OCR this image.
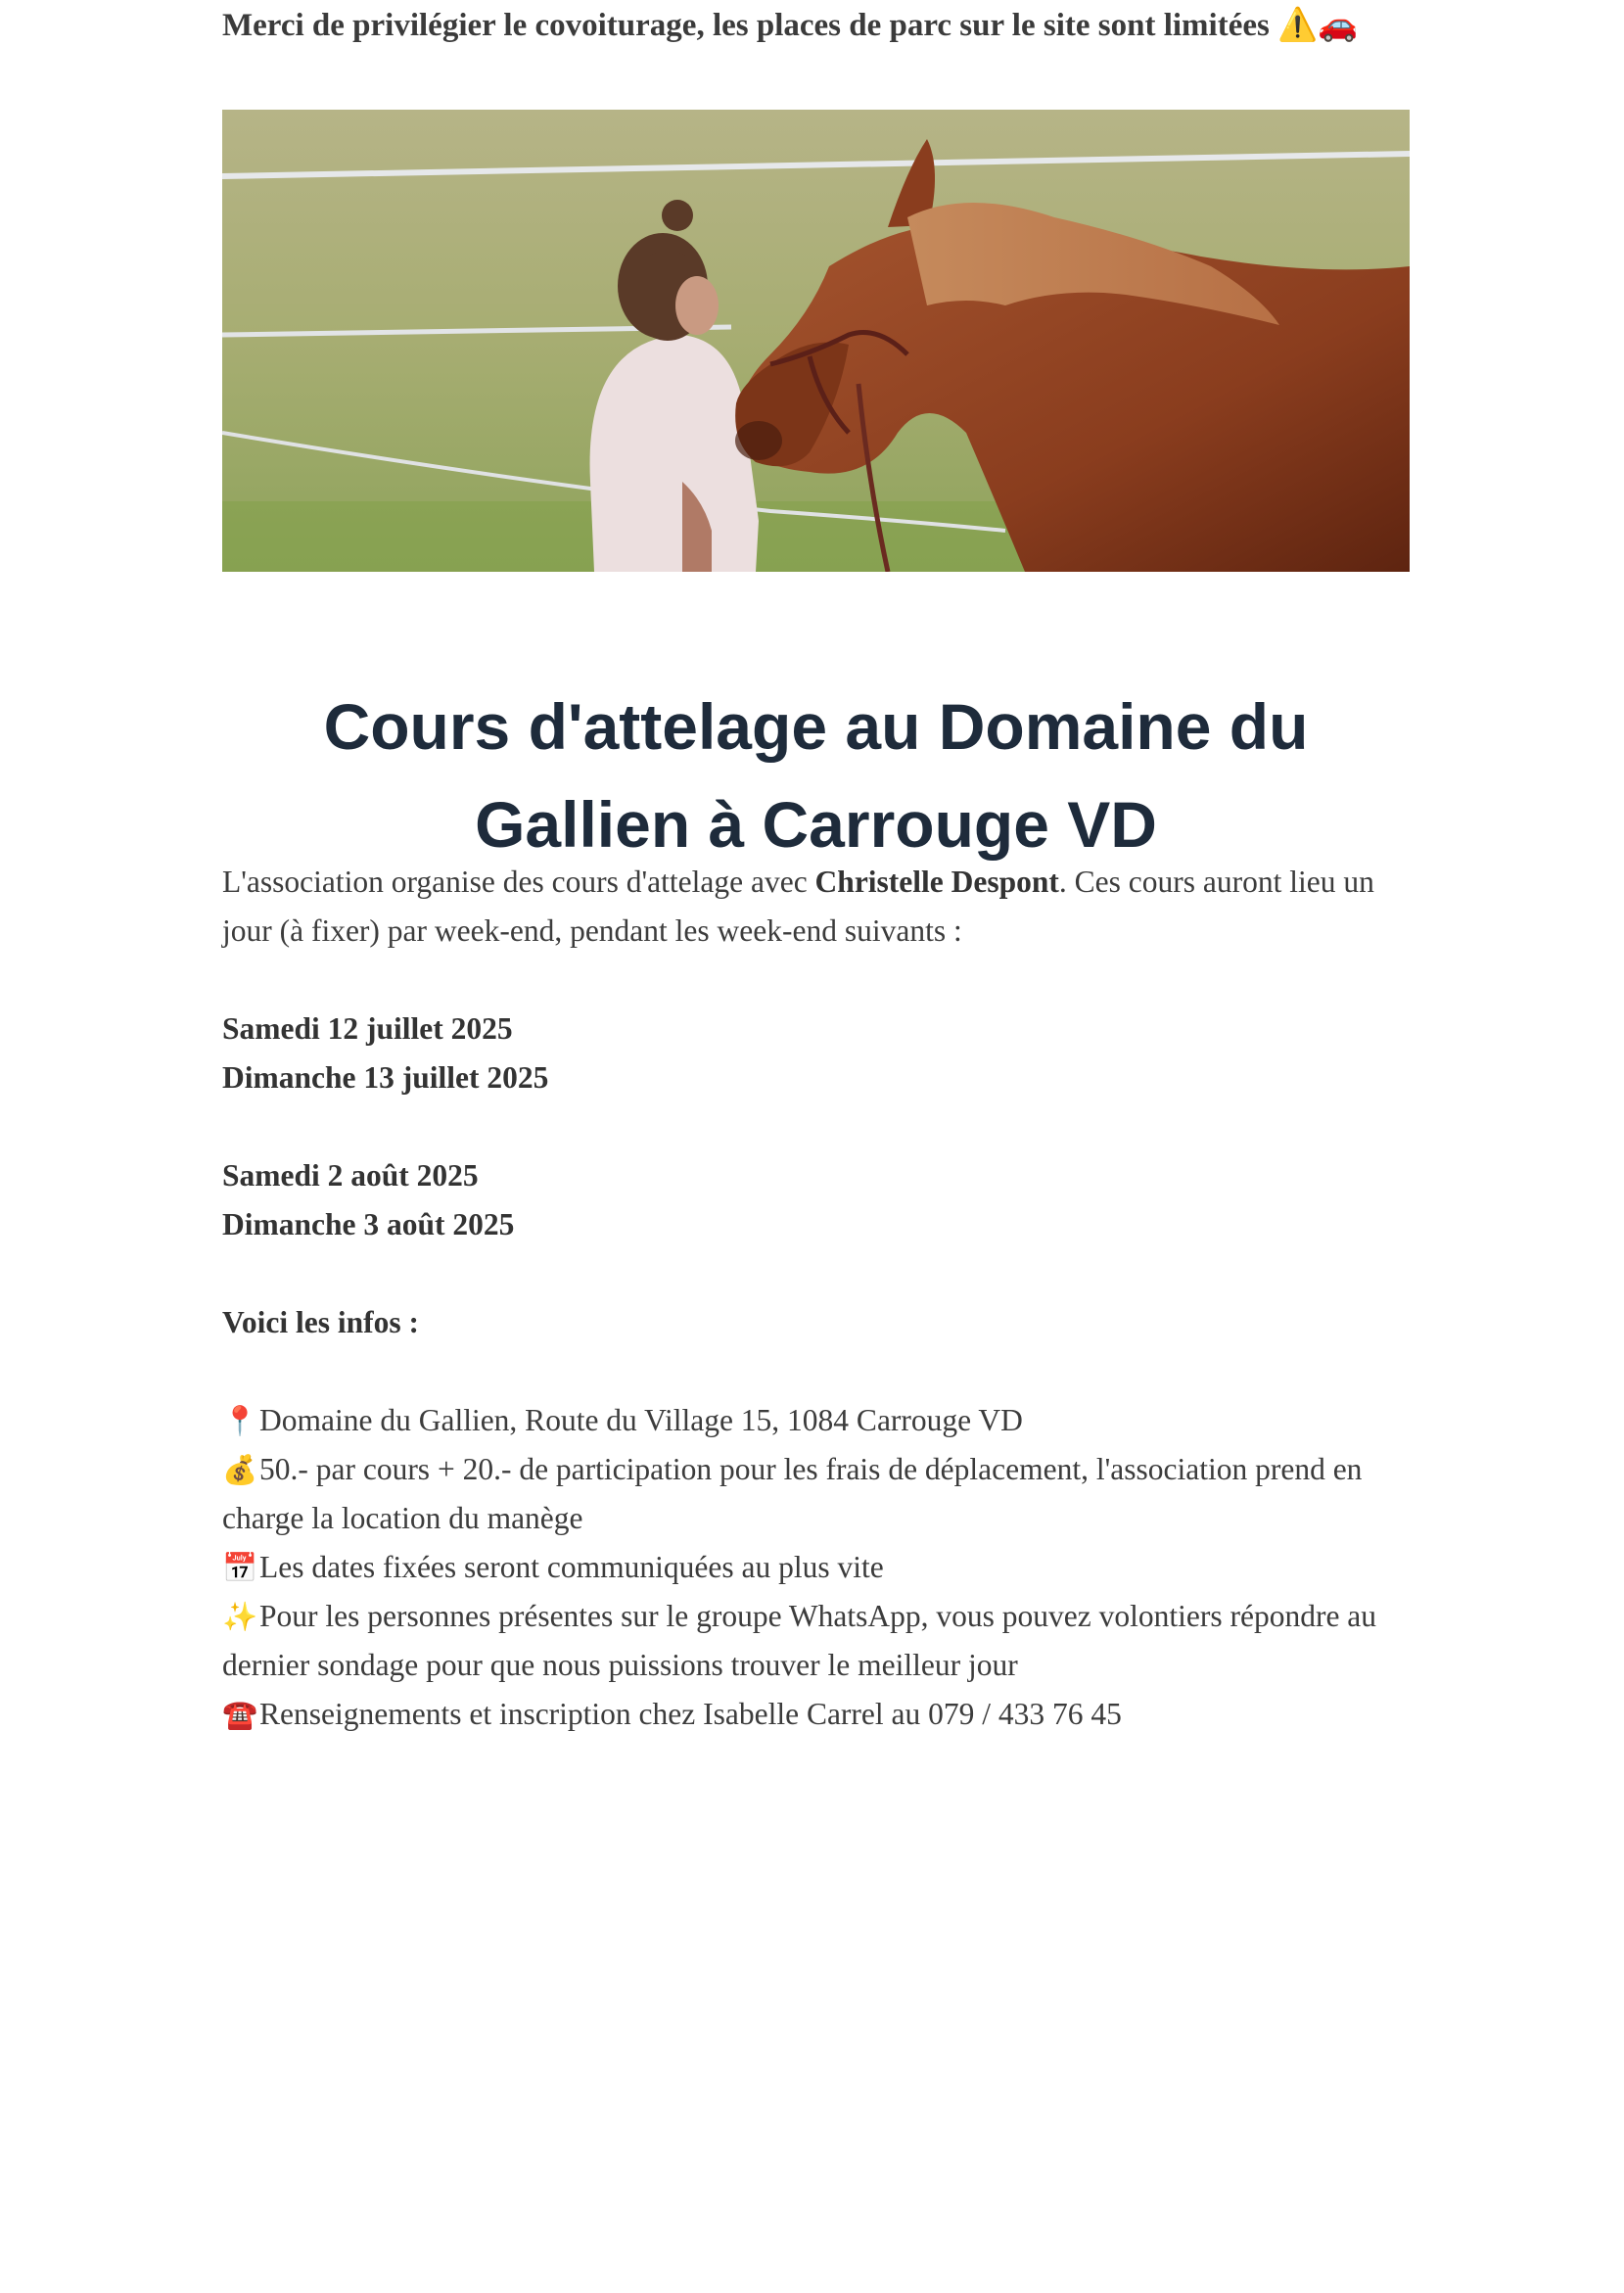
Merci de privilégier le covoiturage, les places de parc sur le site sont limitées ⚠️🚗
Cours d'attelage au Domaine du
Gallien à Carrouge VD

L'association organise des cours d'attelage avec Christelle Despont. Ces cours auront lieu un jour (à fixer) par week-end, pendant les week-end suivants :

Samedi 12 juillet 2025

Dimanche 13 juillet 2025

Samedi 2 août 2025

Dimanche 3 août 2025

Voici les infos :

📍Domaine du Gallien, Route du Village 15, 1084 Carrouge VD

💰50.- par cours + 20.- de participation pour les frais de déplacement, l'association prend en charge la location du manège

📅Les dates fixées seront communiquées au plus vite

✨Pour les personnes présentes sur le groupe WhatsApp, vous pouvez volontiers répondre au dernier sondage pour que nous puissions trouver le meilleur jour

☎️Renseignements et inscription chez Isabelle Carrel au 079 / 433 76 45
